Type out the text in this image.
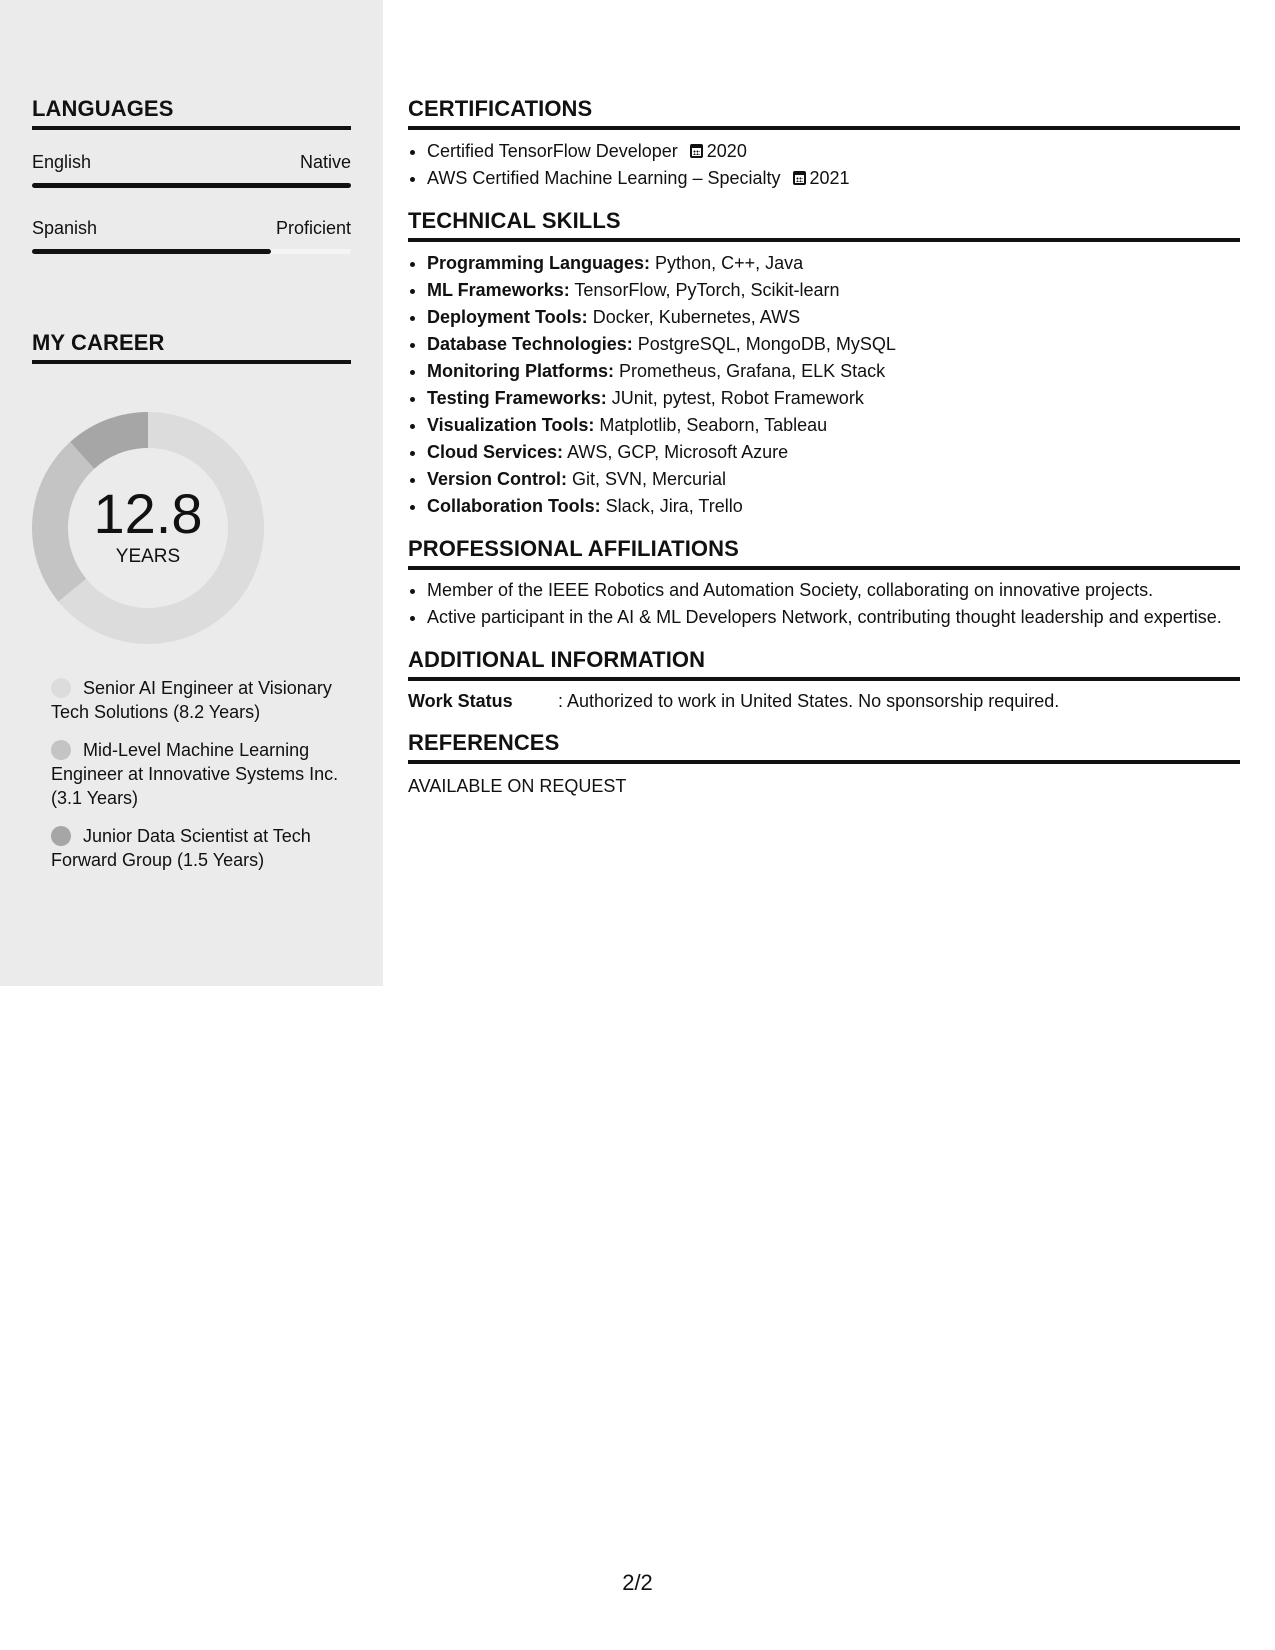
LANGUAGES
English	Native
Spanish	Proficient
MY CAREER
12.8
YEARS
Senior AI Engineer at Visionary Tech Solutions (8.2 Years)
Mid-Level Machine Learning Engineer at Innovative Systems Inc. (3.1 Years)
Junior Data Scientist at Tech Forward Group (1.5 Years)
CERTIFICATIONS
• Certified TensorFlow Developer 2020
• AWS Certified Machine Learning – Specialty 2021
TECHNICAL SKILLS
• Programming Languages: Python, C++, Java
• ML Frameworks: TensorFlow, PyTorch, Scikit-learn
• Deployment Tools: Docker, Kubernetes, AWS
• Database Technologies: PostgreSQL, MongoDB, MySQL
• Monitoring Platforms: Prometheus, Grafana, ELK Stack
• Testing Frameworks: JUnit, pytest, Robot Framework
• Visualization Tools: Matplotlib, Seaborn, Tableau
• Cloud Services: AWS, GCP, Microsoft Azure
• Version Control: Git, SVN, Mercurial
• Collaboration Tools: Slack, Jira, Trello
PROFESSIONAL AFFILIATIONS
• Member of the IEEE Robotics and Automation Society, collaborating on innovative projects.
• Active participant in the AI & ML Developers Network, contributing thought leadership and expertise.
ADDITIONAL INFORMATION
Work Status	: Authorized to work in United States. No sponsorship required.
REFERENCES
AVAILABLE ON REQUEST
2/2
